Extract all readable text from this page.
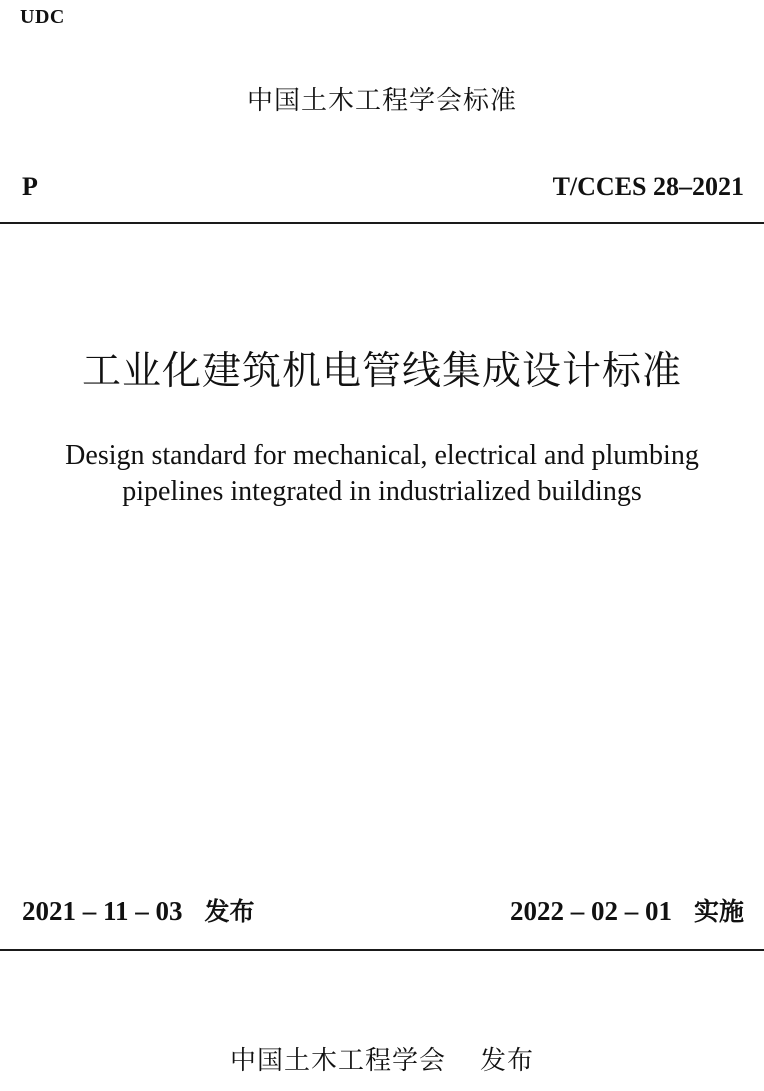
UDC
中国土木工程学会标准
P	T/CCES 28–2021
工业化建筑机电管线集成设计标准
Design standard for mechanical, electrical and plumbing
pipelines integrated in industrialized buildings
2021 – 11 – 03 发布	2022 – 02 – 01 实施
中国土木工程学会 发布
